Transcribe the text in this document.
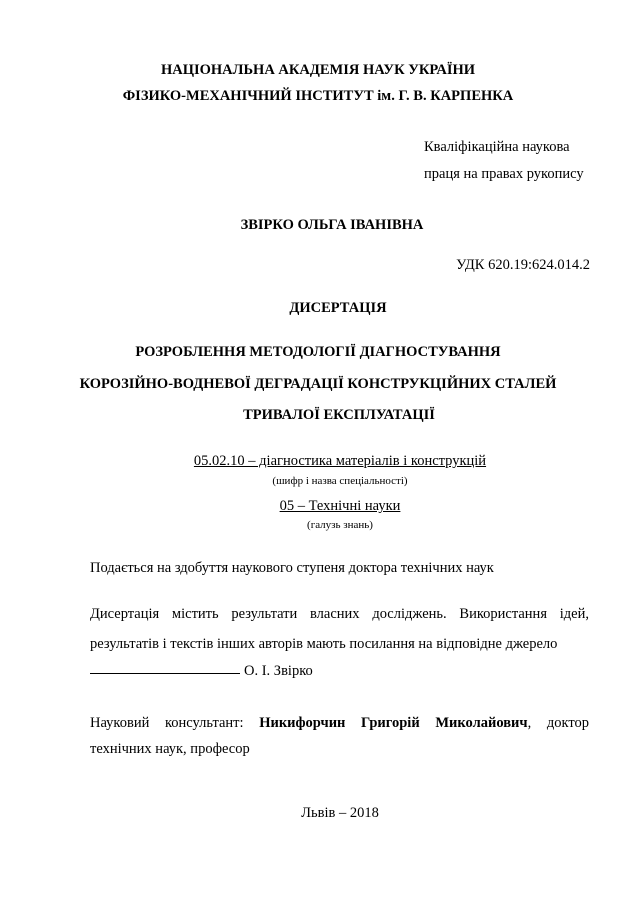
НАЦІОНАЛЬНА АКАДЕМІЯ НАУК УКРАЇНИ
ФІЗИКО-МЕХАНІЧНИЙ ІНСТИТУТ ім. Г. В. КАРПЕНКА
Кваліфікаційна наукова
праця на правах рукопису
ЗВІРКО ОЛЬГА ІВАНІВНА
УДК 620.19:624.014.2
ДИСЕРТАЦІЯ
РОЗРОБЛЕННЯ МЕТОДОЛОГІЇ ДІАГНОСТУВАННЯ
КОРОЗІЙНО-ВОДНЕВОЇ ДЕГРАДАЦІЇ КОНСТРУКЦІЙНИХ СТАЛЕЙ
ТРИВАЛОЇ ЕКСПЛУАТАЦІЇ
05.02.10 – діагностика матеріалів і конструкцій
(шифр і назва спеціальності)
05 – Технічні науки
(галузь знань)
Подається на здобуття наукового ступеня доктора технічних наук
Дисертація містить результати власних досліджень. Використання ідей,
результатів і текстів інших авторів мають посилання на відповідне джерело
О. І. Звірко
Науковий консультант: Никифорчин Григорій Миколайович, доктор
технічних наук, професор
Львів – 2018
